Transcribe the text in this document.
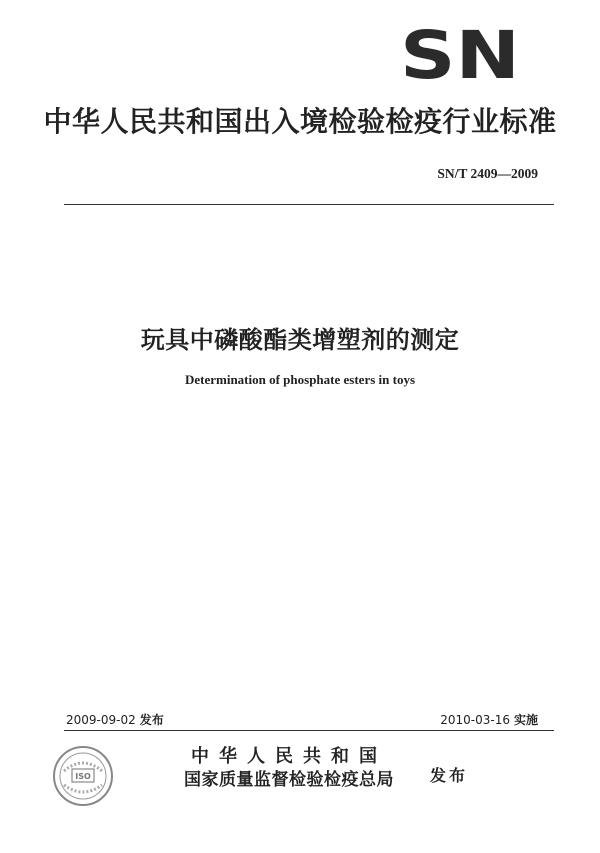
SN
中华人民共和国出入境检验检疫行业标准
SN/T 2409—2009
玩具中磷酸酯类增塑剂的测定
Determination of phosphate esters in toys
2009-09-02 发布	2010-03-16 实施
ISO
中华人民共和国
国家质量监督检验检疫总局	发布
